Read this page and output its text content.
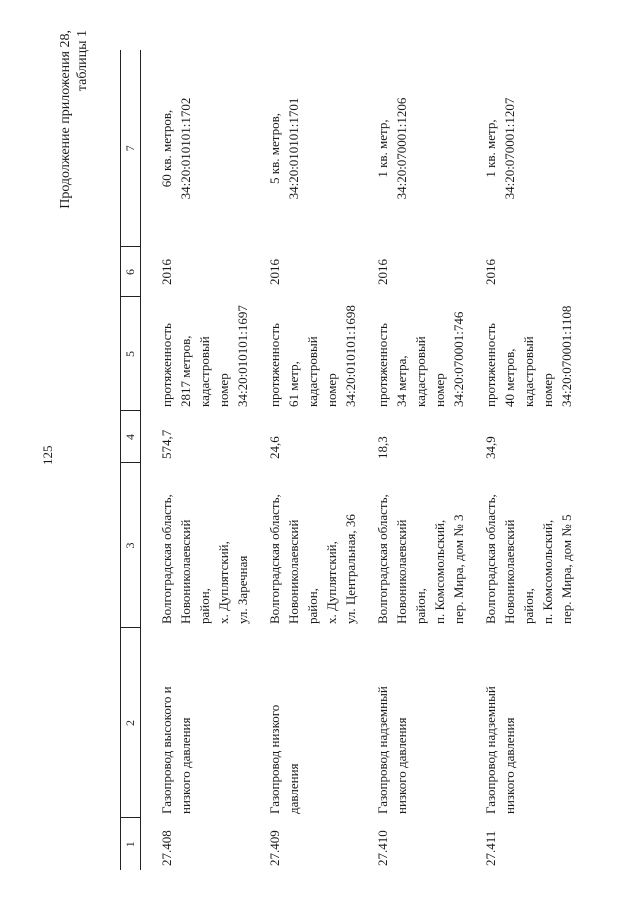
125
Продолжение приложения 28, таблицы 1
1	2	3	4	5	6	7
27.408	Газопровод высокого и низкого давления	Волгоградская область, Новониколаевский район, х. Дуплятский, ул. Заречная	574,7	протяженность 2817 метров, кадастровый номер 34:20:010101:1697	2016	60 кв. метров, 34:20:010101:1702

27.409	Газопровод низкого давления	Волгоградская область, Новониколаевский район, х. Дуплятский, ул. Центральная, 36	24,6	протяженность 61 метр, кадастровый номер 34:20:010101:1698	2016	5 кв. метров, 34:20:010101:1701

27.410	Газопровод надземный низкого давления	Волгоградская область, Новониколаевский район, п. Комсомольский, пер. Мира, дом № 3	18,3	протяженность 34 метра, кадастровый номер 34:20:070001:746	2016	1 кв. метр, 34:20:070001:1206

27.411	Газопровод надземный низкого давления	Волгоградская область, Новониколаевский район, п. Комсомольский, пер. Мира, дом № 5	34,9	протяженность 40 метров, кадастровый номер 34:20:070001:1108	2016	1 кв. метр, 34:20:070001:1207
